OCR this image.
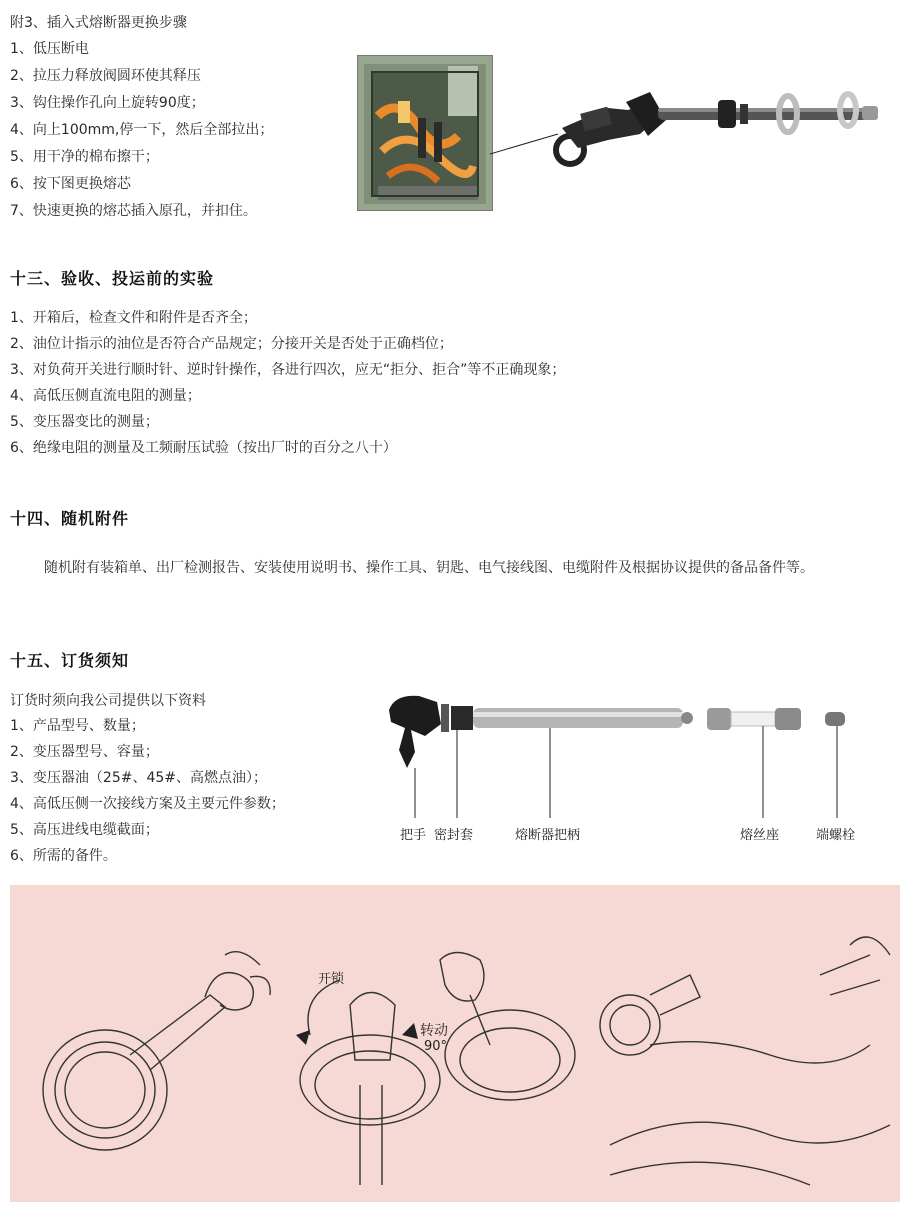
附3、插入式熔断器更换步骤
1、低压断电
2、拉压力释放阀圆环使其释压
3、钩住操作孔向上旋转90度；
4、向上100mm,停一下，然后全部拉出；
5、用干净的棉布擦干；
6、按下图更换熔芯
7、快速更换的熔芯插入原孔，并扣住。
十三、验收、投运前的实验
1、开箱后，检查文件和附件是否齐全；
2、油位计指示的油位是否符合产品规定；分接开关是否处于正确档位；
3、对负荷开关进行顺时针、逆时针操作，各进行四次，应无“拒分、拒合”等不正确现象；
4、高低压侧直流电阻的测量；
5、变压器变比的测量；
6、绝缘电阻的测量及工频耐压试验（按出厂时的百分之八十）
十四、随机附件
随机附有装箱单、出厂检测报告、安装使用说明书、操作工具、钥匙、电气接线图、电缆附件及根据协议提供的备品备件等。
十五、订货须知
订货时须向我公司提供以下资料
1、产品型号、数量；
2、变压器型号、容量；
3、变压器油（25#、45#、高燃点油）；
4、高低压侧一次接线方案及主要元件参数；
5、高压进线电缆截面；
6、所需的备件。
把手 密封套	熔断器把柄	熔丝座	端螺栓
开锁
转动
90°
